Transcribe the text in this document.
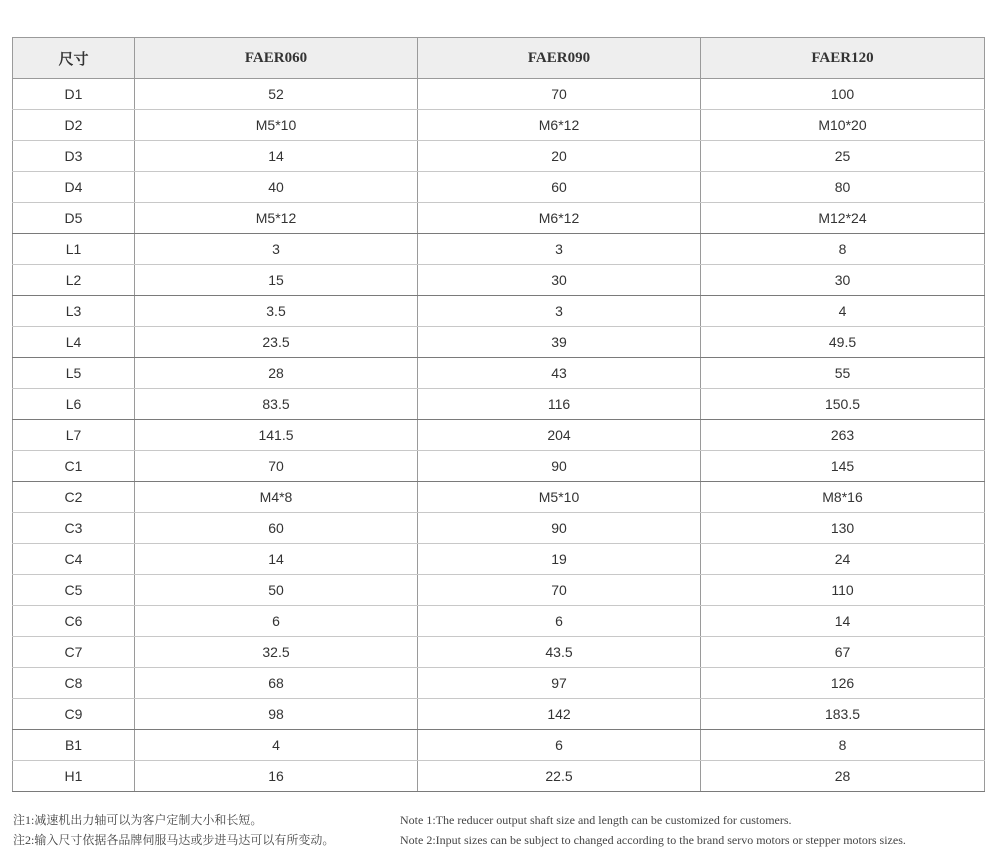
尺寸	FAER060	FAER090	FAER120
D1	52	70	100
D2	M5*10	M6*12	M10*20
D3	14	20	25
D4	40	60	80
D5	M5*12	M6*12	M12*24
L1	3	3	8
L2	15	30	30
L3	3.5	3	4
L4	23.5	39	49.5
L5	28	43	55
L6	83.5	116	150.5
L7	141.5	204	263
C1	70	90	145
C2	M4*8	M5*10	M8*16
C3	60	90	130
C4	14	19	24
C5	50	70	110
C6	6	6	14
C7	32.5	43.5	67
C8	68	97	126
C9	98	142	183.5
B1	4	6	8
H1	16	22.5	28
注1:减速机出力轴可以为客户定制大小和长短。
注2:输入尺寸依据各品牌伺服马达或步进马达可以有所变动。
Note 1:The reducer output shaft size and length can be customized for customers.
Note 2:Input sizes can be subject to changed according to the brand servo motors or stepper motors sizes.
